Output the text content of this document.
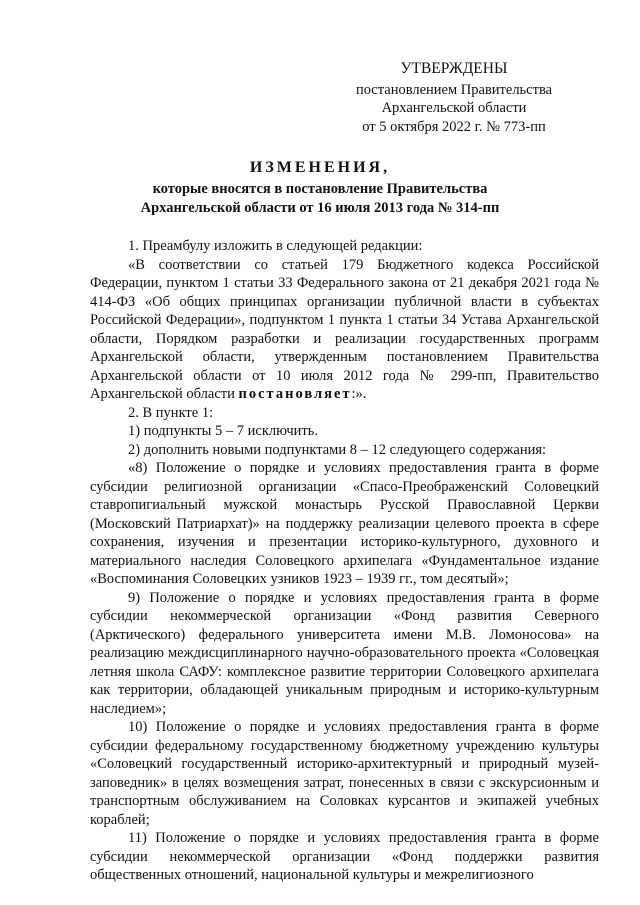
УТВЕРЖДЕНЫ
постановлением Правительства
Архангельской области
от 5 октября 2022 г. № 773-пп
ИЗМЕНЕНИЯ,
которые вносятся в постановление Правительства
Архангельской области от 16 июля 2013 года № 314-пп

1. Преамбулу изложить в следующей редакции:

«В соответствии со статьей 179 Бюджетного кодекса Российской Федерации, пунктом 1 статьи 33 Федерального закона от 21 декабря 2021 года № 414-ФЗ «Об общих принципах организации публичной власти в субъектах Российской Федерации», подпунктом 1 пункта 1 статьи 34 Устава Архангельской области, Порядком разработки и реализации государственных программ Архангельской области, утвержденным постановлением Правительства Архангельской области от 10 июля 2012 года № 299-пп, Правительство Архангельской области постановляет:».

2. В пункте 1:

1) подпункты 5 – 7 исключить.

2) дополнить новыми подпунктами 8 – 12 следующего содержания:

«8) Положение о порядке и условиях предоставления гранта в форме субсидии религиозной организации «Спасо-Преображенский Соловецкий ставропигиальный мужской монастырь Русской Православной Церкви (Московский Патриархат)» на поддержку реализации целевого проекта в сфере сохранения, изучения и презентации историко-культурного, духовного и материального наследия Соловецкого архипелага «Фундаментальное издание «Воспоминания Соловецких узников 1923 – 1939 гг., том десятый»;

9) Положение о порядке и условиях предоставления гранта в форме субсидии некоммерческой организации «Фонд развития Северного (Арктического) федерального университета имени М.В. Ломоносова» на реализацию междисциплинарного научно-образовательного проекта «Соловецкая летняя школа САФУ: комплексное развитие территории Соловецкого архипелага как территории, обладающей уникальным природным и историко-культурным наследием»;

10) Положение о порядке и условиях предоставления гранта в форме субсидии федеральному государственному бюджетному учреждению культуры «Соловецкий государственный историко-архитектурный и природный музей-заповедник» в целях возмещения затрат, понесенных в связи с экскурсионным и транспортным обслуживанием на Соловках курсантов и экипажей учебных кораблей;

11) Положение о порядке и условиях предоставления гранта в форме субсидии некоммерческой организации «Фонд поддержки развития общественных отношений, национальной культуры и межрелигиозного
